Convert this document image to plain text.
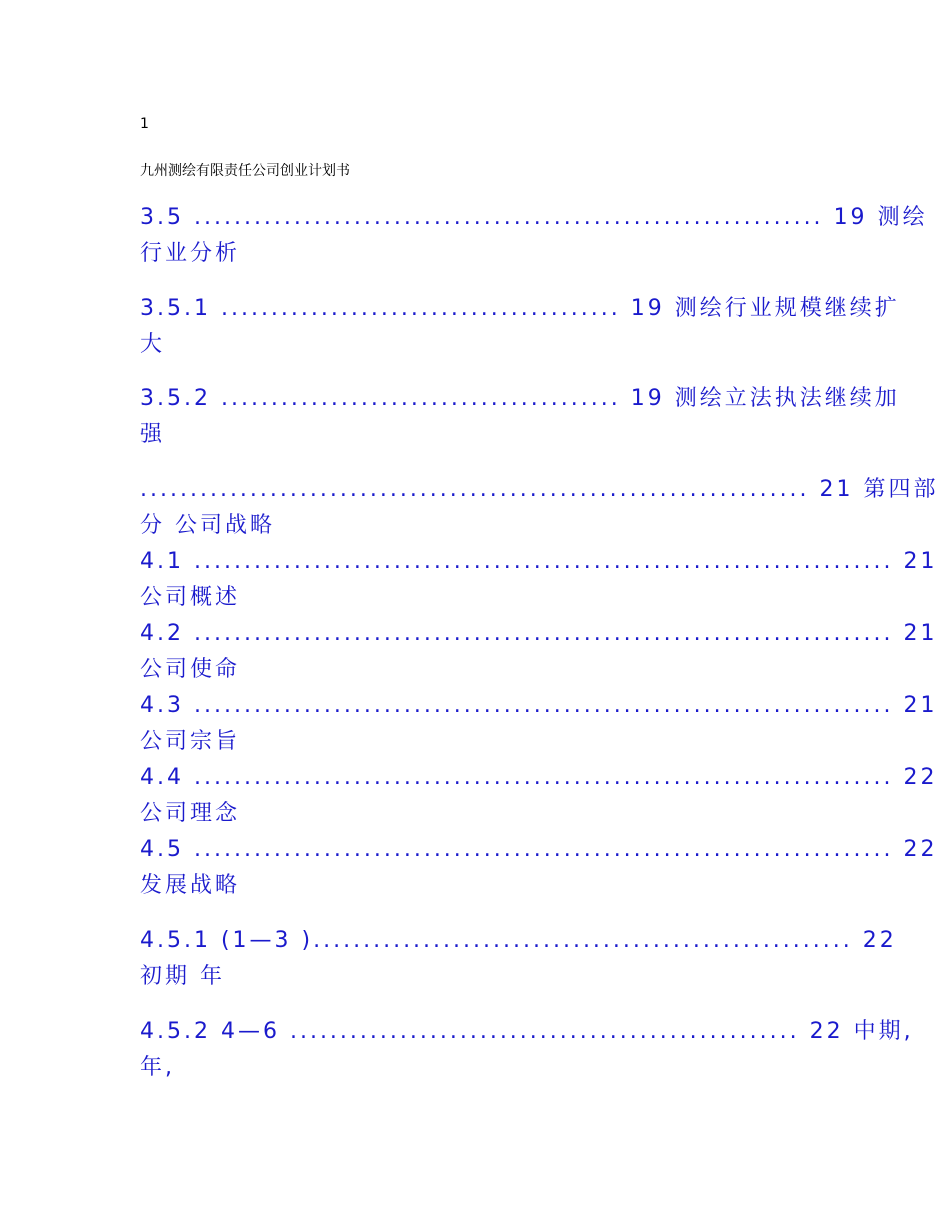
1
九州测绘有限责任公司创业计划书
3.5 ............................................................... 19 测绘
行业分析
3.5.1 ........................................ 19 测绘行业规模继续扩
大
3.5.2 ........................................ 19 测绘立法执法继续加
强
................................................................... 21 第四部
分 公司战略
4.1 ...................................................................... 21
公司概述
4.2 ...................................................................... 21
公司使命
4.3 ...................................................................... 21
公司宗旨
4.4 ...................................................................... 22
公司理念
4.5 ...................................................................... 22
发展战略
4.5.1 (1—3 )...................................................... 22
初期 年
4.5.2 4—6 ................................................... 22 中期,
年,
